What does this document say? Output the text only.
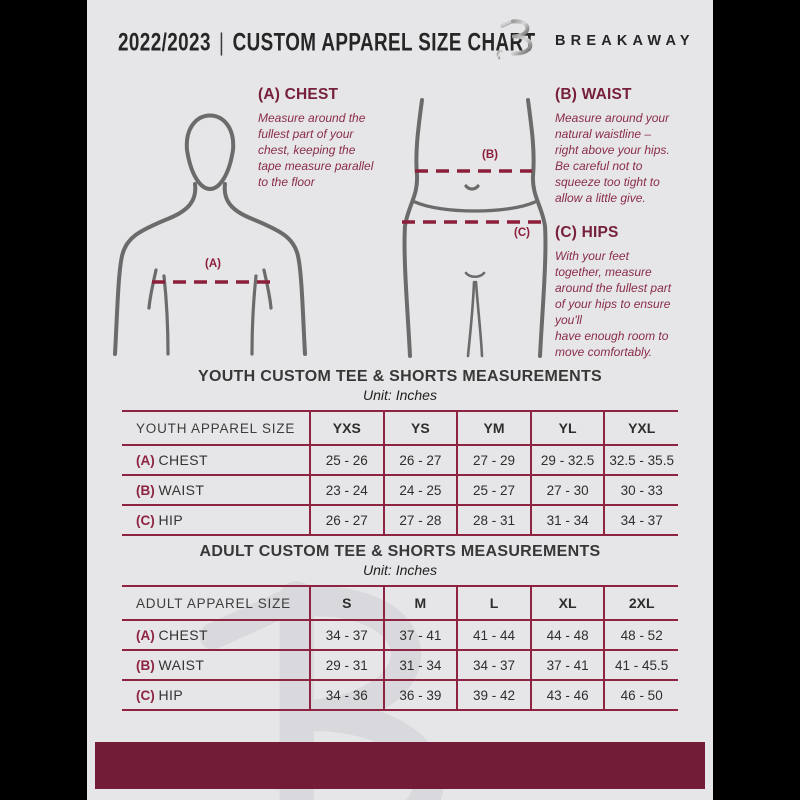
2022/2023 | CUSTOM APPAREL SIZE CHART BREAKAWAY
(A)
(B)
(C)
(A) CHEST
Measure around the
fullest part of your
chest, keeping the
tape measure parallel
to the floor
(B) WAIST
Measure around your
natural waistline –
right above your hips.
Be careful not to
squeeze too tight to
allow a little give.
(C) HIPS
With your feet
together, measure
around the fullest part
of your hips to ensure
you'll
have enough room to
move comfortably.
YOUTH CUSTOM TEE & SHORTS MEASUREMENTS
Unit: Inches
YOUTH APPAREL SIZE	YXS	YS	YM	YL	YXL
(A) CHEST	25 - 26	26 - 27	27 - 29	29 - 32.5	32.5 - 35.5
(B) WAIST	23 - 24	24 - 25	25 - 27	27 - 30	30 - 33
(C) HIP	26 - 27	27 - 28	28 - 31	31 - 34	34 - 37
ADULT CUSTOM TEE & SHORTS MEASUREMENTS
Unit: Inches
ADULT APPAREL SIZE	S	M	L	XL	2XL
(A) CHEST	34 - 37	37 - 41	41 - 44	44 - 48	48 - 52
(B) WAIST	29 - 31	31 - 34	34 - 37	37 - 41	41 - 45.5
(C) HIP	34 - 36	36 - 39	39 - 42	43 - 46	46 - 50
